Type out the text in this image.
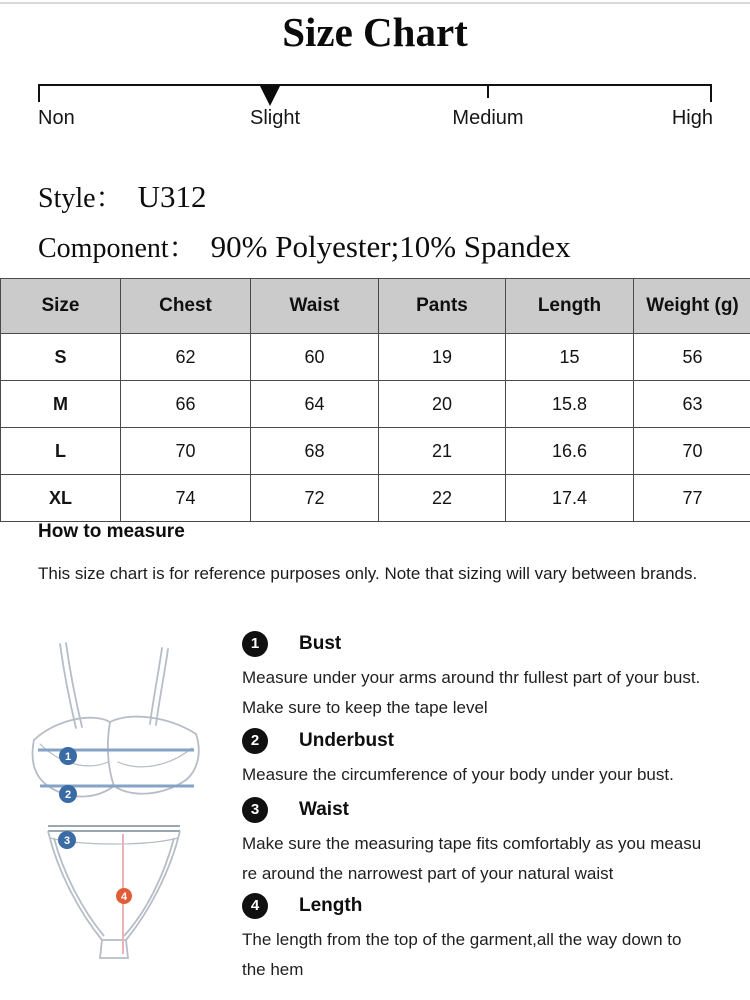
Size Chart
Non	Slight	Medium	High
Style： U312
Component： 90% Polyester;10% Spandex
Size	Chest	Waist	Pants	Length	Weight (g)
S	62	60	19	15	56
M	66	64	20	15.8	63
L	70	68	21	16.6	70
XL	74	72	22	17.4	77
How to measure
This size chart is for reference purposes only. Note that sizing will vary between brands.
1
2
3
4
1	Bust
Measure under your arms around thr fullest part of your bust.
Make sure to keep the tape level
2	Underbust
Measure the circumference of your body under your bust.
3	Waist
Make sure the measuring tape fits comfortably as you measu
re around the narrowest part of your natural waist
4	Length
The length from the top of the garment,all the way down to
the hem
